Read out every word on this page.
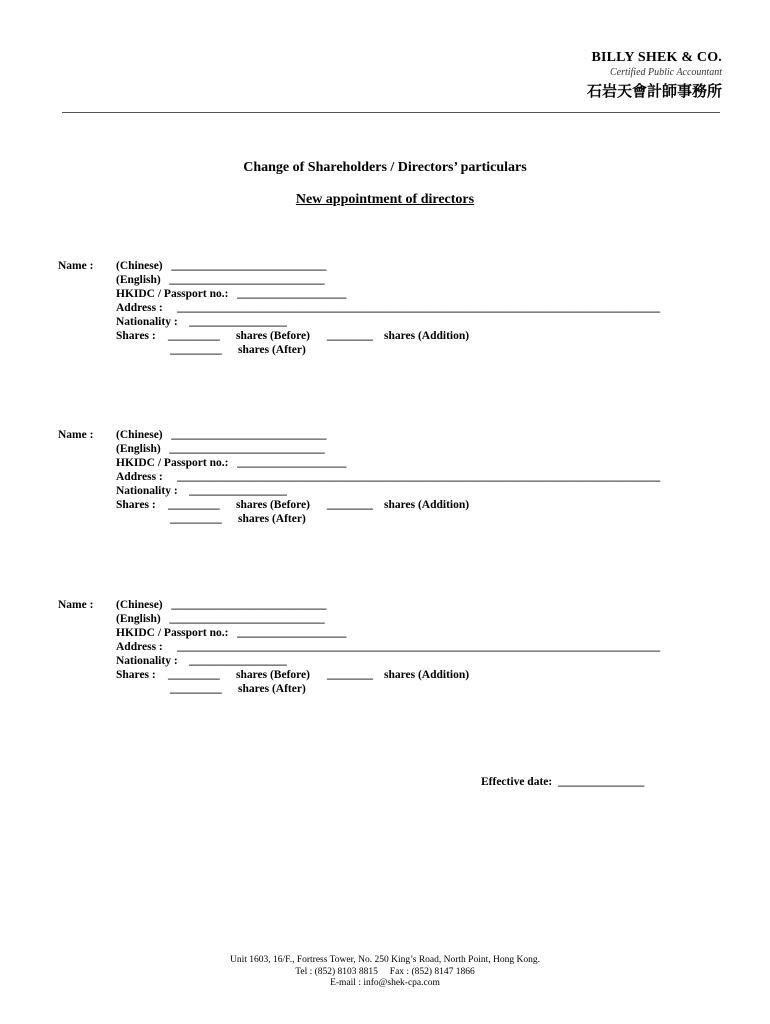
BILLY SHEK & CO.
Certified Public Accountant
石岩天會計師事務所
Change of Shareholders / Directors’ particulars
New appointment of directors
Name : (Chinese)   ___________________________
(English)   ___________________________
HKIDC / Passport no.:   ___________________
Address :     ____________________________________________________________________________________
Nationality :    _________________
Shares : _________ shares (Before) ________ shares (Addition)
_________ shares (After)
Name : (Chinese)   ___________________________
(English)   ___________________________
HKIDC / Passport no.:   ___________________
Address :     ____________________________________________________________________________________
Nationality :    _________________
Shares : _________ shares (Before) ________ shares (Addition)
_________ shares (After)
Name : (Chinese)   ___________________________
(English)   ___________________________
HKIDC / Passport no.:   ___________________
Address :     ____________________________________________________________________________________
Nationality :    _________________
Shares : _________ shares (Before) ________ shares (Addition)
_________ shares (After)
Effective date:  _______________
Unit 1603, 16/F., Fortress Tower, No. 250 King’s Road, North Point, Hong Kong.
Tel : (852) 8103 8815     Fax : (852) 8147 1866
E-mail : info@shek-cpa.com
